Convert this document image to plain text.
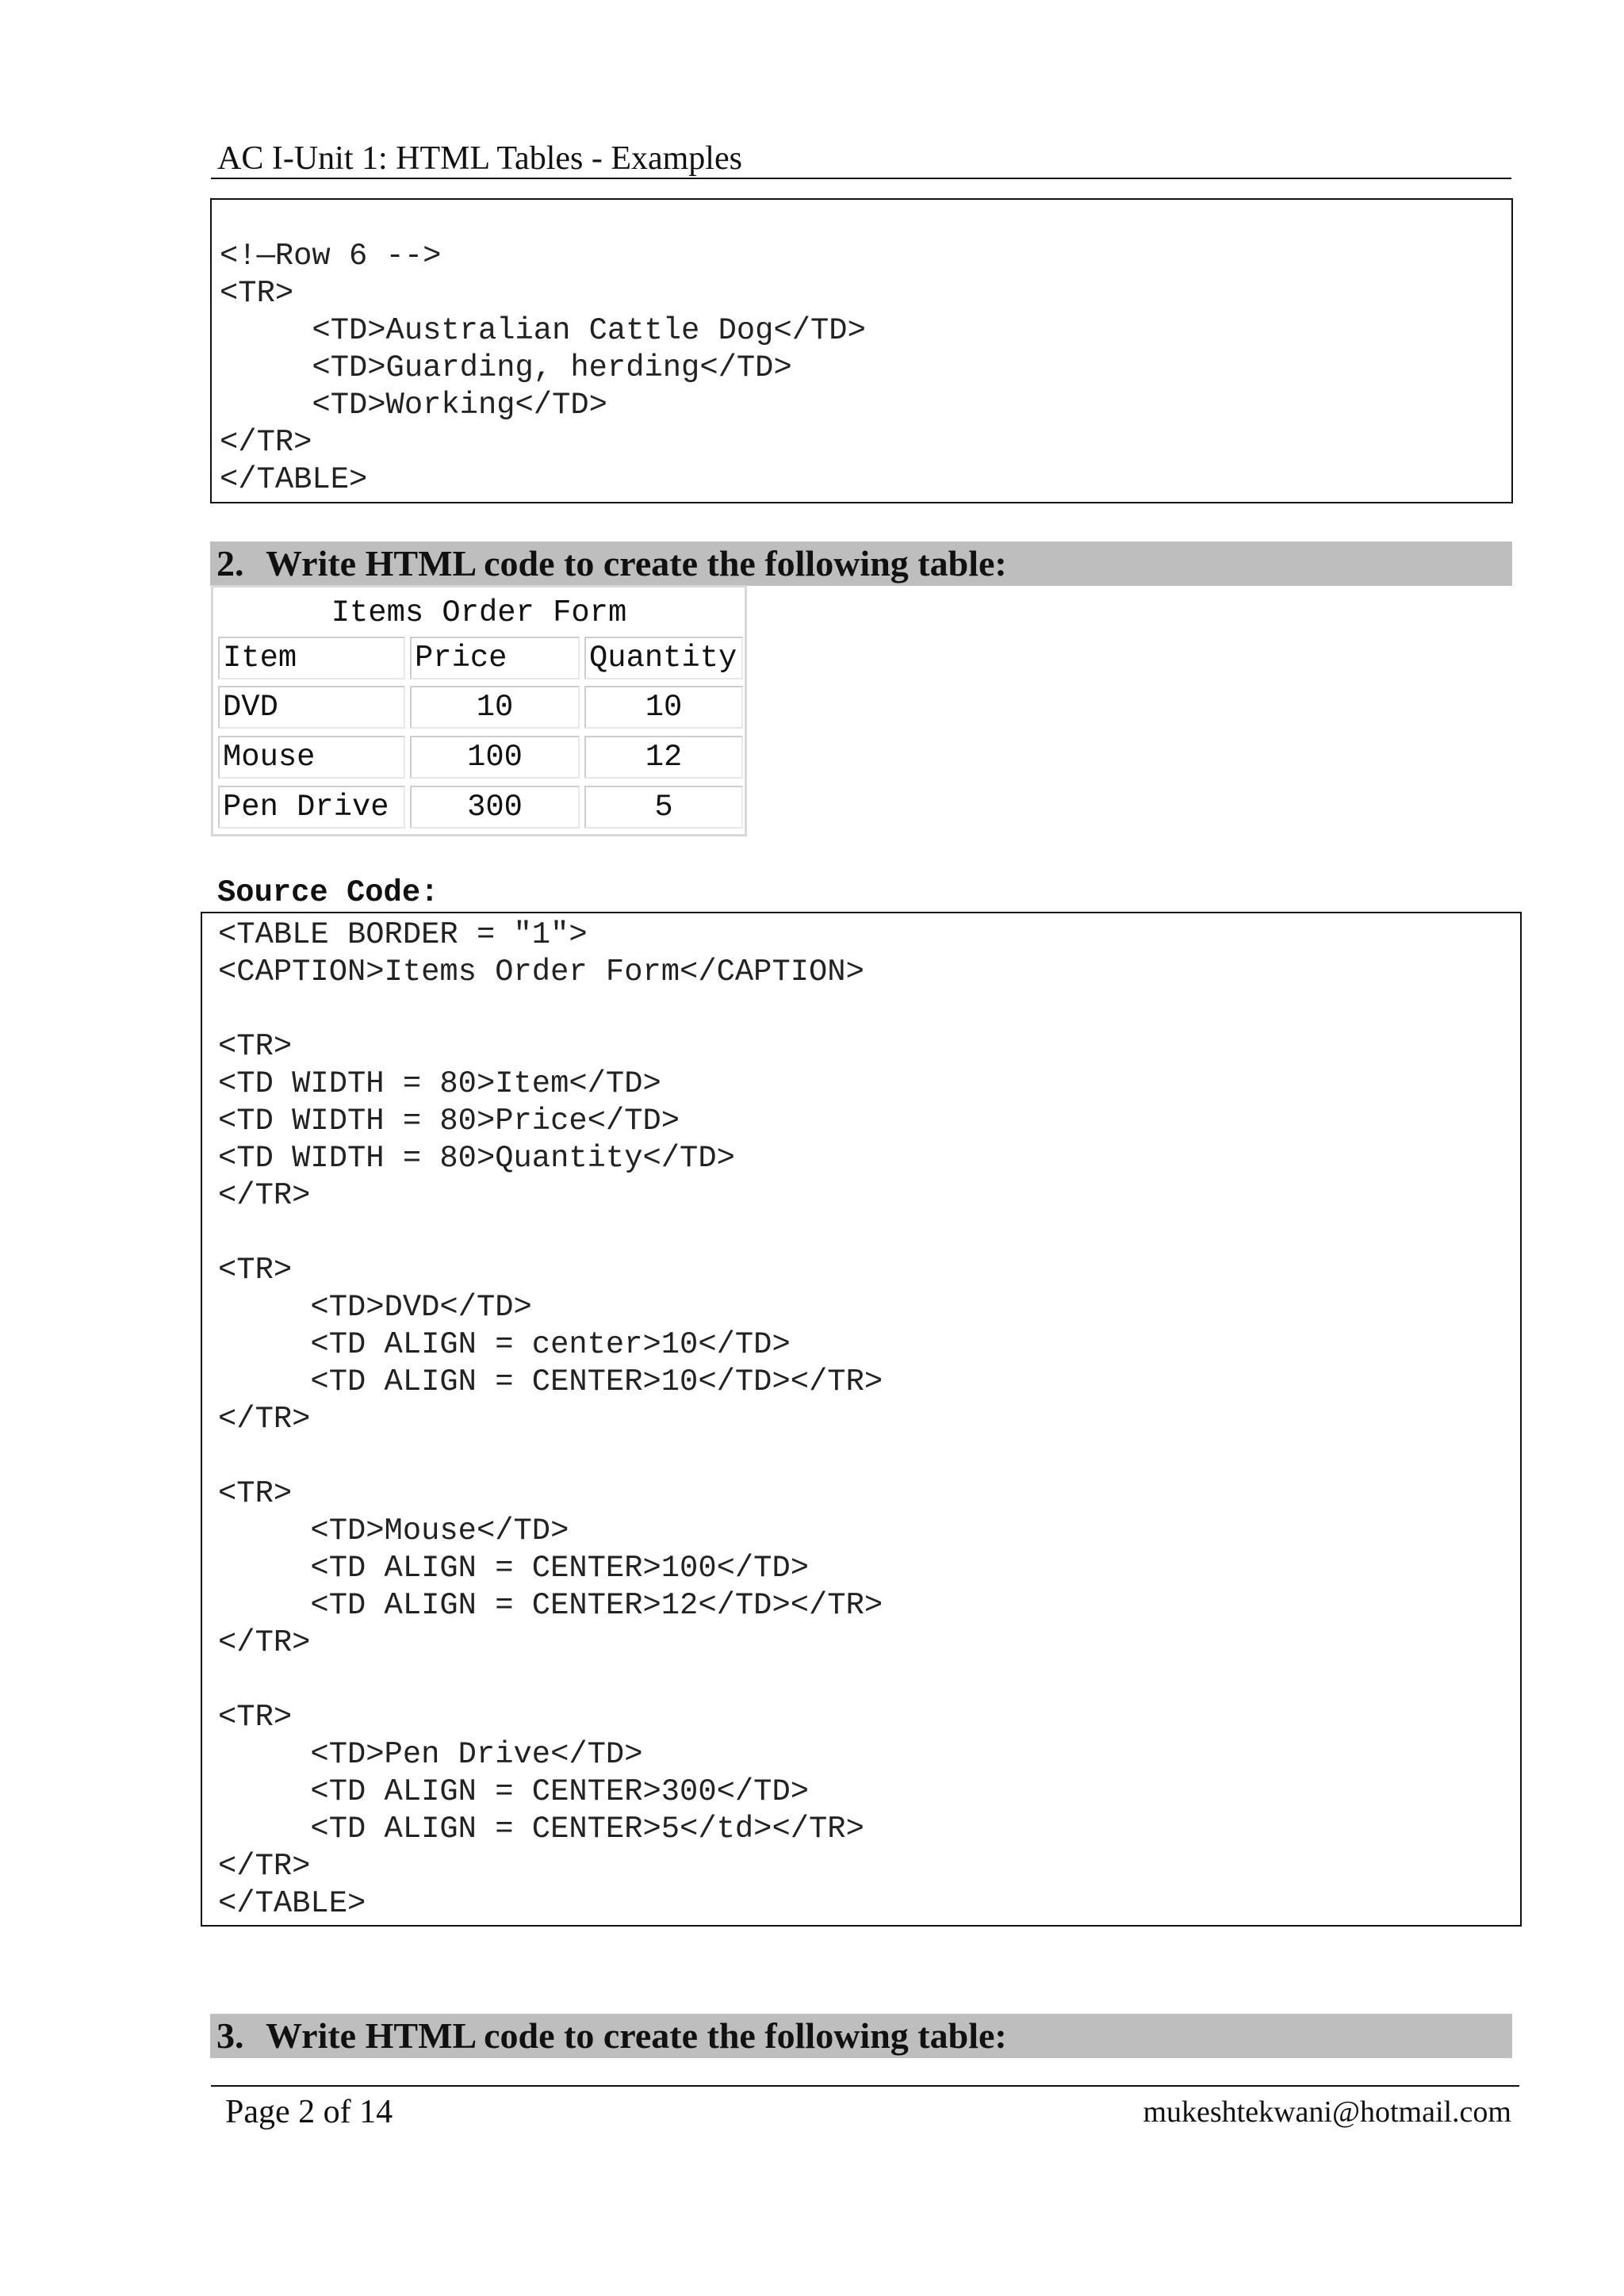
AC I-Unit 1: HTML Tables - Examples
<!—Row 6 -->
<TR>
<TD>Australian Cattle Dog</TD>
<TD>Guarding, herding</TD>
<TD>Working</TD>
</TR>
</TABLE>
2. Write HTML code to create the following table:
Items Order Form
Item	Price	Quantity
DVD	10	10
Mouse	100	12
Pen Drive	300	5
Source Code:
<TABLE BORDER = "1">
<CAPTION>Items Order Form</CAPTION>

<TR>
<TD WIDTH = 80>Item</TD>
<TD WIDTH = 80>Price</TD>
<TD WIDTH = 80>Quantity</TD>
</TR>

<TR>
<TD>DVD</TD>
<TD ALIGN = center>10</TD>
<TD ALIGN = CENTER>10</TD></TR>
</TR>

<TR>
<TD>Mouse</TD>
<TD ALIGN = CENTER>100</TD>
<TD ALIGN = CENTER>12</TD></TR>
</TR>

<TR>
<TD>Pen Drive</TD>
<TD ALIGN = CENTER>300</TD>
<TD ALIGN = CENTER>5</td></TR>
</TR>
</TABLE>
3. Write HTML code to create the following table:
Page 2 of 14	mukeshtekwani@hotmail.com
